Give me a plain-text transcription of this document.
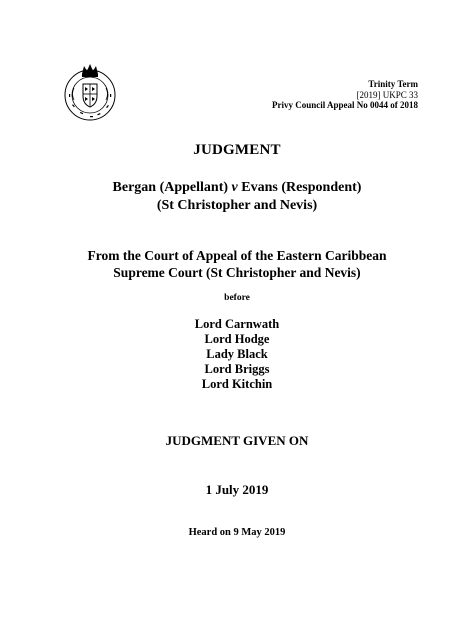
Trinity Term
[2019] UKPC 33
Privy Council Appeal No 0044 of 2018
JUDGMENT
Bergan (Appellant) v Evans (Respondent)
(St Christopher and Nevis)
From the Court of Appeal of the Eastern Caribbean
Supreme Court (St Christopher and Nevis)
before
Lord Carnwath
Lord Hodge
Lady Black
Lord Briggs
Lord Kitchin
JUDGMENT GIVEN ON
1 July 2019
Heard on 9 May 2019
